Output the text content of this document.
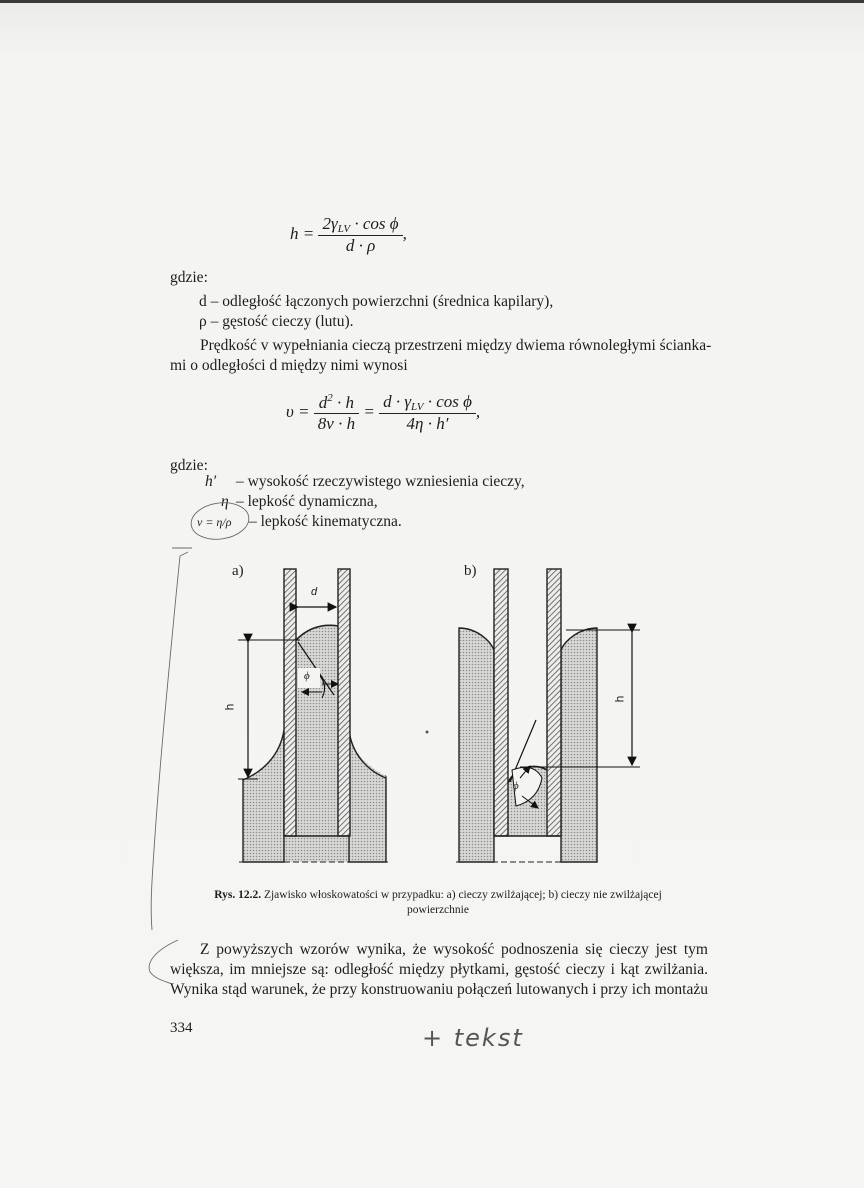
$h = \frac{2\gamma_{LV} \cdot \cos \phi}{d \cdot \rho}$ ,
gdzie:
d – odległość łączonych powierzchni (średnica kapilary),
ρ – gęstość cieczy (lutu).
Prędkość v wypełniania cieczą przestrzeni między dwiema równoległymi ścianka-
mi o odległości d między nimi wynosi
$\upsilon = \frac{d^2 \cdot h}{8\nu \cdot h} = \frac{d \cdot \gamma_{LV} \cdot \cos \phi}{4\eta \cdot h'}$ ,
gdzie:
h′ – wysokość rzeczywistego wzniesienia cieczy,
η – lepkość dynamiczna,
ν = η/ρ – lepkość kinematyczna.
a)	b)
d
h
h
ϕ
ϕ
Rys. 12.2. Zjawisko włoskowatości w przypadku: a) cieczy zwilżającej; b) cieczy nie zwilżającej
powierzchnie
Z powyższych wzorów wynika, że wysokość podnoszenia się cieczy jest tym
większa, im mniejsze są: odległość między płytkami, gęstość cieczy i kąt zwilżania.
Wynika stąd warunek, że przy konstruowaniu połączeń lutowanych i przy ich montażu
334	+ tekst
